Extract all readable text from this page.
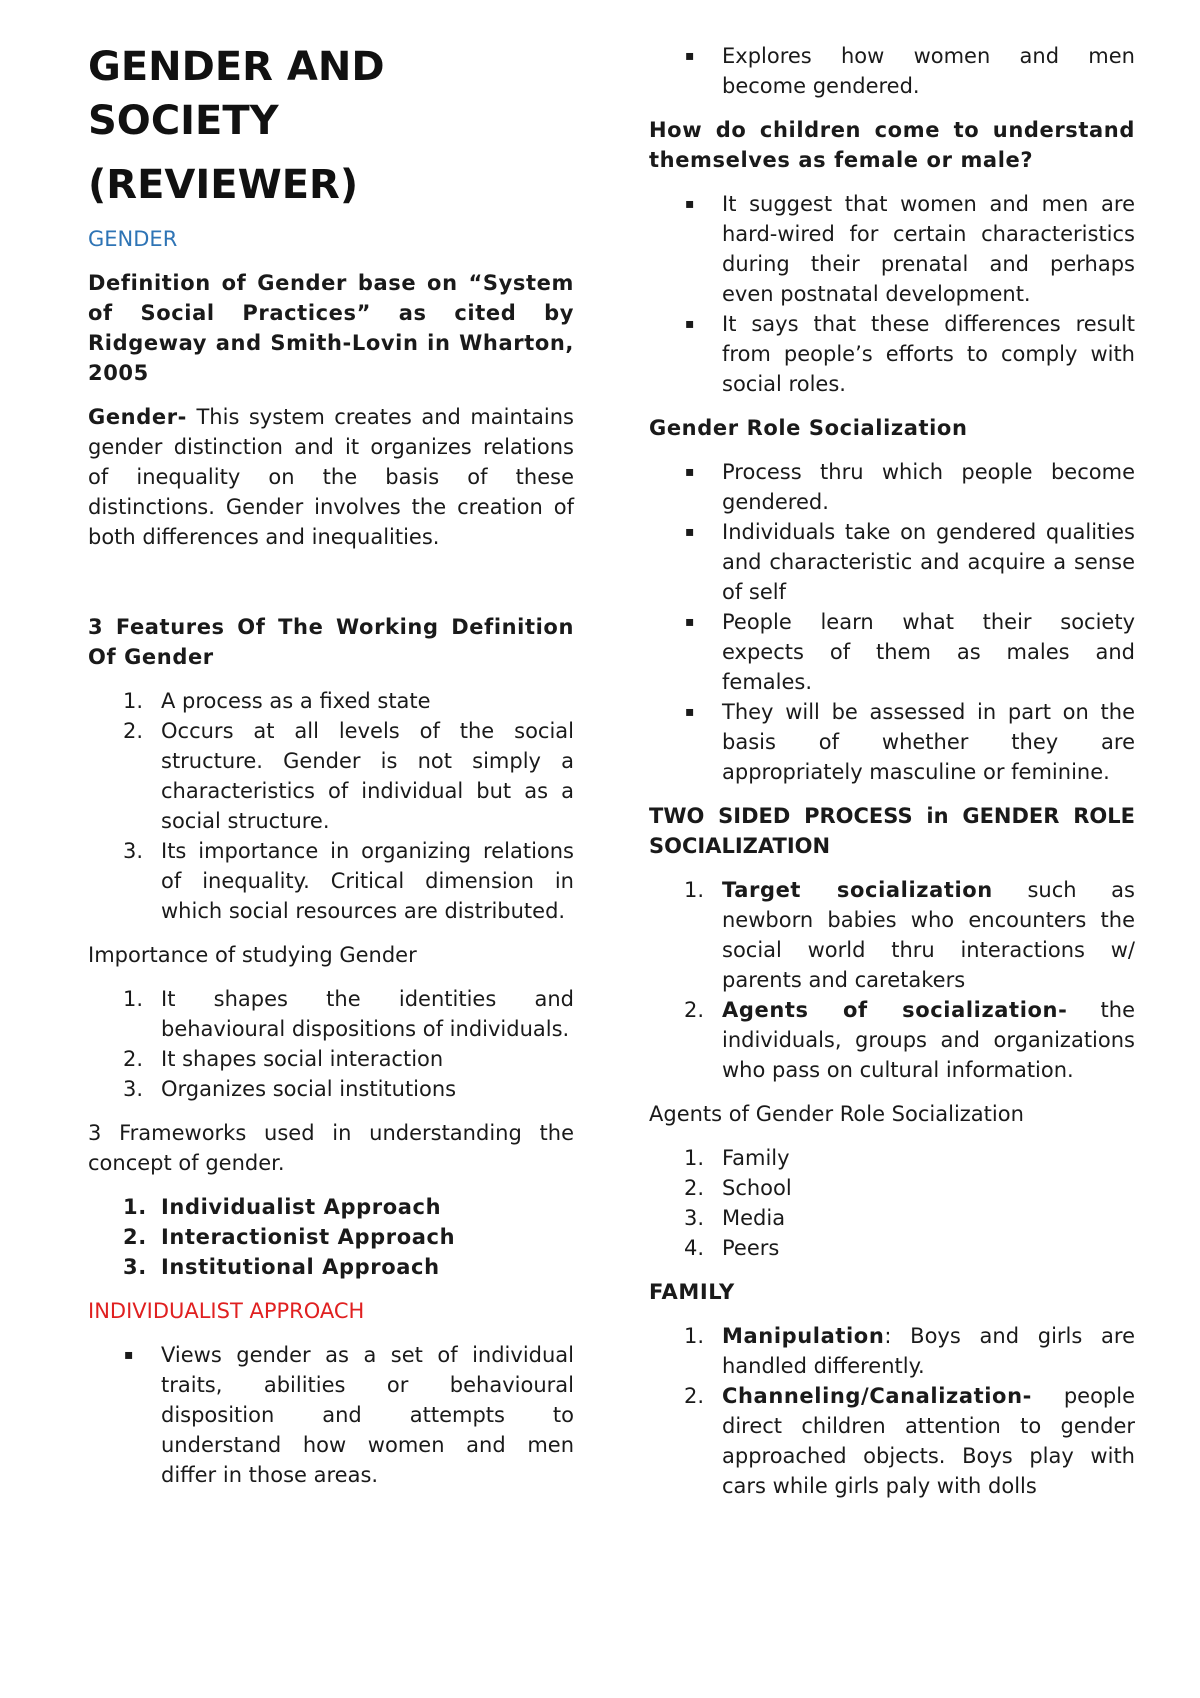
GENDER AND

SOCIETY

(REVIEWER)

GENDER

Definition of Gender base on “System of Social Practices” as cited by Ridgeway and Smith-Lovin in Wharton, 2005

Gender- This system creates and maintains gender distinction and it organizes relations of inequality on the basis of these distinctions. Gender involves the creation of both differences and inequalities.

3 Features Of The Working Definition Of Gender

1. A process as a fixed state
2. Occurs at all levels of the social structure. Gender is not simply a characteristics of individual but as a social structure.
3. Its importance in organizing relations of inequality. Critical dimension in which social resources are distributed.

Importance of studying Gender

1. It shapes the identities and behavioural dispositions of individuals.
2. It shapes social interaction
3. Organizes social institutions

3 Frameworks used in understanding the concept of gender.

1. Individualist Approach
2. Interactionist Approach
3. Institutional Approach

INDIVIDUALIST APPROACH

▪ Views gender as a set of individual traits, abilities or behavioural disposition and attempts to understand how women and men differ in those areas.
▪ Explores how women and men become gendered.

How do children come to understand themselves as female or male?

▪ It suggest that women and men are hard-wired for certain characteristics during their prenatal and perhaps even postnatal development.
▪ It says that these differences result from people’s efforts to comply with social roles.

Gender Role Socialization

▪ Process thru which people become gendered.
▪ Individuals take on gendered qualities and characteristic and acquire a sense of self
▪ People learn what their society expects of them as males and females.
▪ They will be assessed in part on the basis of whether they are appropriately masculine or feminine.

TWO SIDED PROCESS in GENDER ROLE SOCIALIZATION

1. Target socialization such as newborn babies who encounters the social world thru interactions w/ parents and caretakers
2. Agents of socialization- the individuals, groups and organizations who pass on cultural information.

Agents of Gender Role Socialization

1. Family
2. School
3. Media
4. Peers

FAMILY

1. Manipulation: Boys and girls are handled differently.
2. Channeling/Canalization- people direct children attention to gender approached objects. Boys play with cars while girls paly with dolls
